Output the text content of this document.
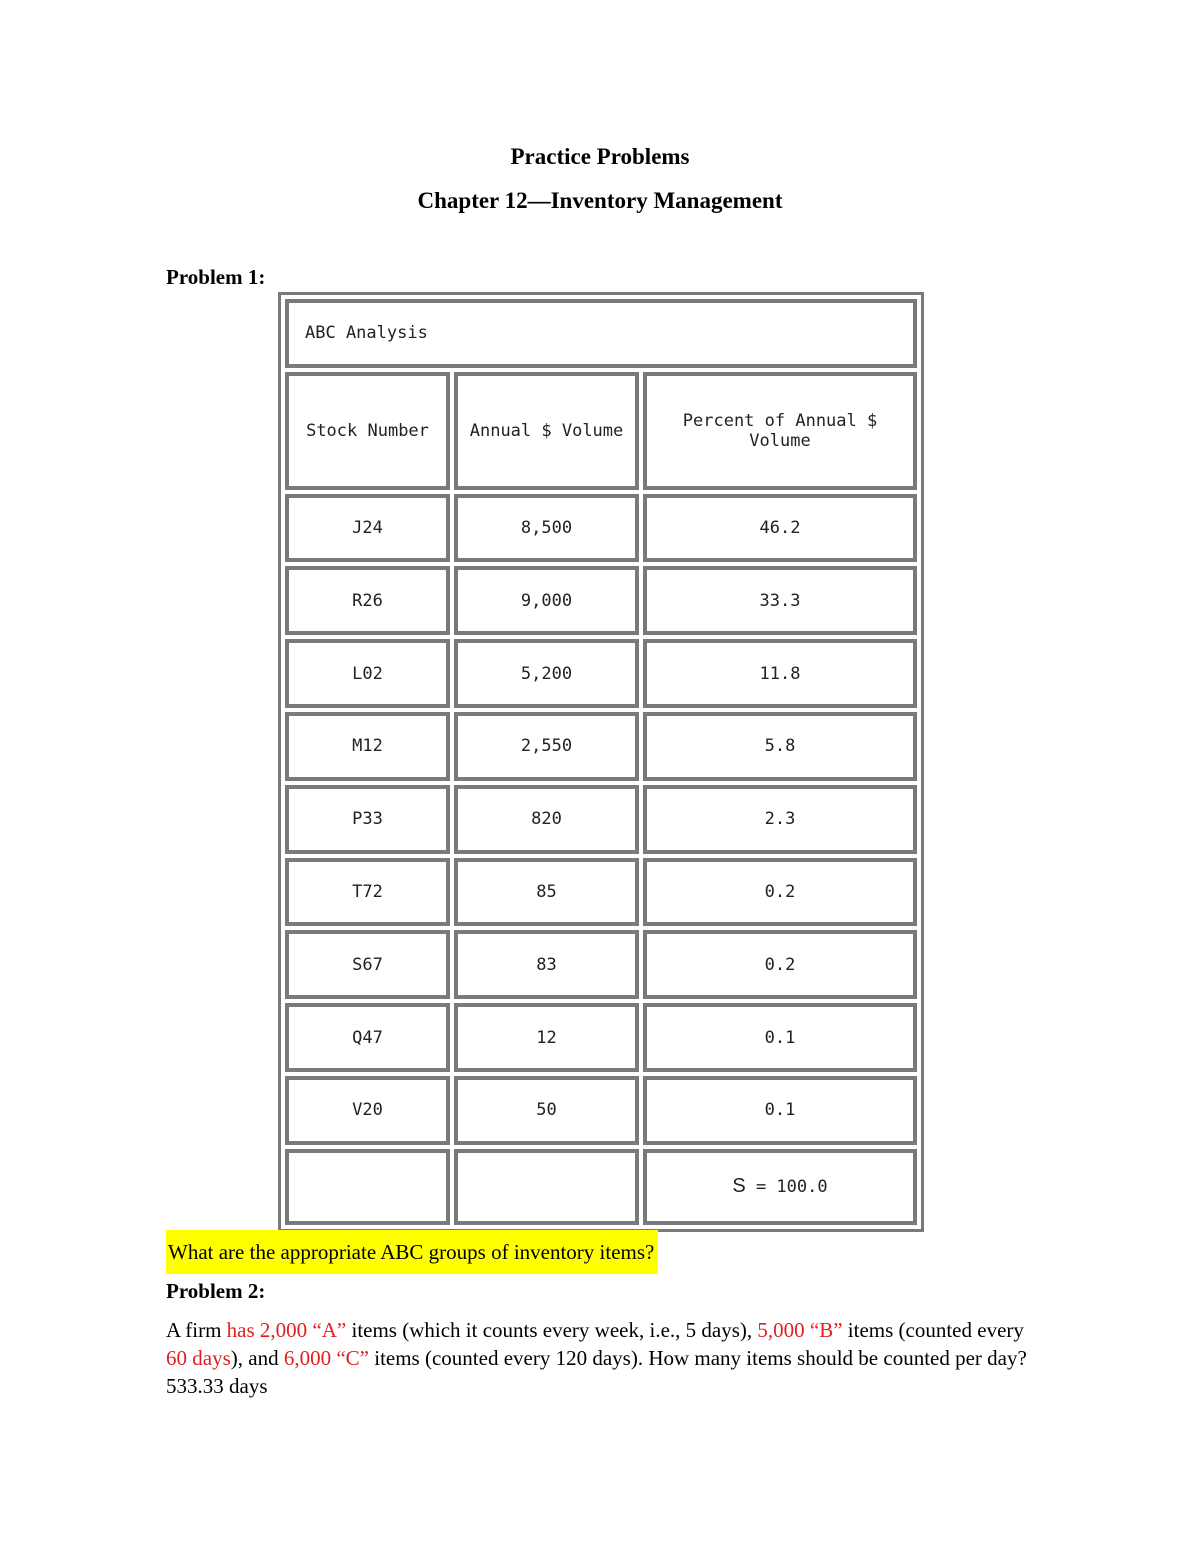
Practice Problems
Chapter 12—Inventory Management
Problem 1:
ABC Analysis		
Stock Number	Annual $ Volume	Percent of Annual $ Volume
J24	8,500	46.2
R26	9,000	33.3
L02	5,200	11.8
M12	2,550	5.8
P33	820	2.3
T72	85	0.2
S67	83	0.2
Q47	12	0.1
V20	50	0.1
		S = 100.0
What are the appropriate ABC groups of inventory items?
Problem 2:
A firm has 2,000 “A” items (which it counts every week, i.e., 5 days), 5,000 “B” items (counted every 60 days), and 6,000 “C” items (counted every 120 days). How many items should be counted per day? 533.33 days
